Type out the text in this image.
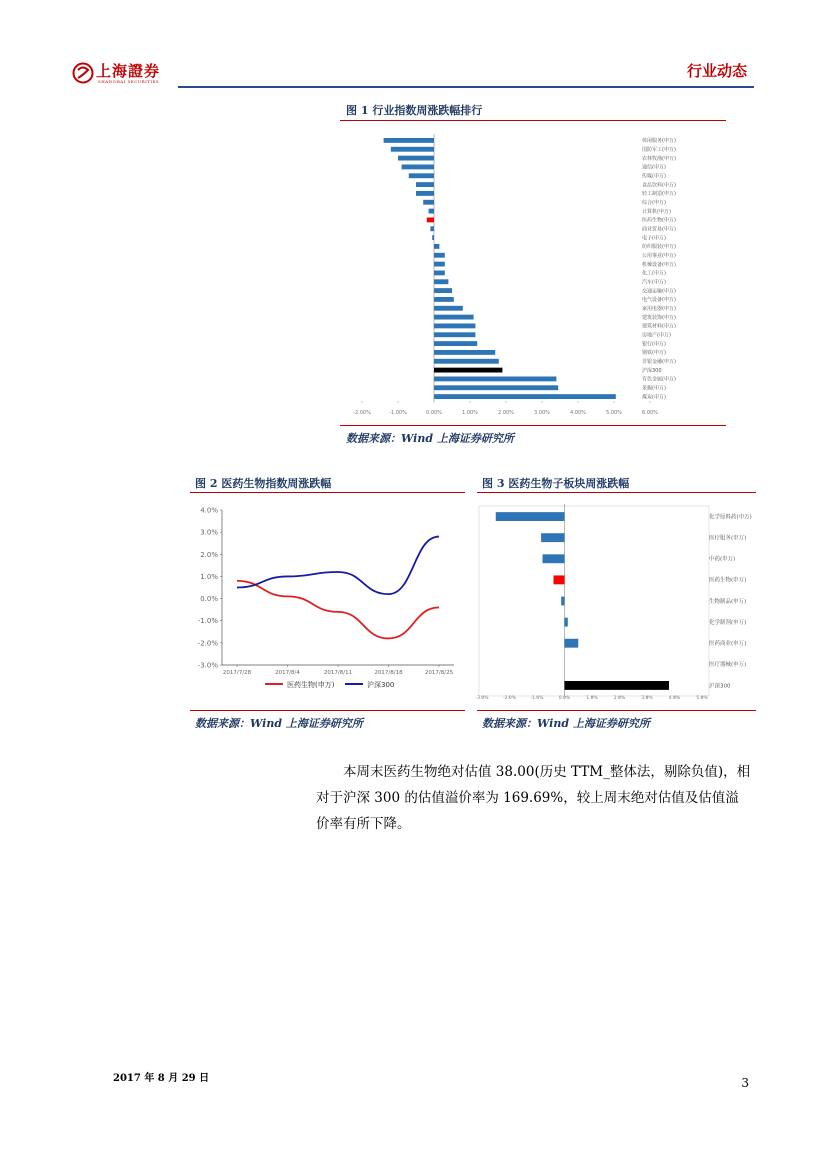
上海證券
SHANGHAI SECURITIES
行业动态
图 1 行业指数周涨跌幅排行
休闲服务(申万)
国防军工(申万)
农林牧渔(申万)
通信(申万)
传媒(申万)
食品饮料(申万)
轻工制造(申万)
综合(申万)
计算机(申万)
医药生物(申万)
商业贸易(申万)
电子(申万)
纺织服装(申万)
公用事业(申万)
机械设备(申万)
化工(申万)
汽车(申万)
交通运输(申万)
电气设备(申万)
家用电器(申万)
建筑装饰(申万)
建筑材料(申万)
房地产(申万)
银行(申万)
钢铁(申万)
非银金融(申万)
沪深300
有色金属(申万)
采掘(申万)
煤炭(申万)
-2.00%	-1.00%	0.00%	1.00%	2.00%	3.00%	4.00%	5.00%	6.00%
数据来源：Wind 上海证券研究所
图 2 医药生物指数周涨跌幅
4.0%
3.0%
2.0%
1.0%
0.0%
-1.0%
-2.0%
-3.0%
2017/7/28	2017/8/4	2017/8/11	2017/8/18	2017/8/25
医药生物(申万)	沪深300
数据来源：Wind 上海证券研究所
图 3 医药生物子板块周涨跌幅
化学原料药(申万)
医疗服务(申万)
中药(申万)
医药生物(申万)
生物制品(申万)
化学制剂(申万)
医药商业(申万)
医疗器械(申万)
沪深300
-3.0%	-2.0%	-1.0%	0.0%	1.0%	2.0%	3.0%	4.0%	5.0%
数据来源：Wind 上海证券研究所
本周末医药生物绝对估值 38.00(历史 TTM_整体法，剔除负值)，相对于沪深 300 的估值溢价率为 169.69%，较上周末绝对估值及估值溢价率有所下降。
2017 年 8 月 29 日	3
